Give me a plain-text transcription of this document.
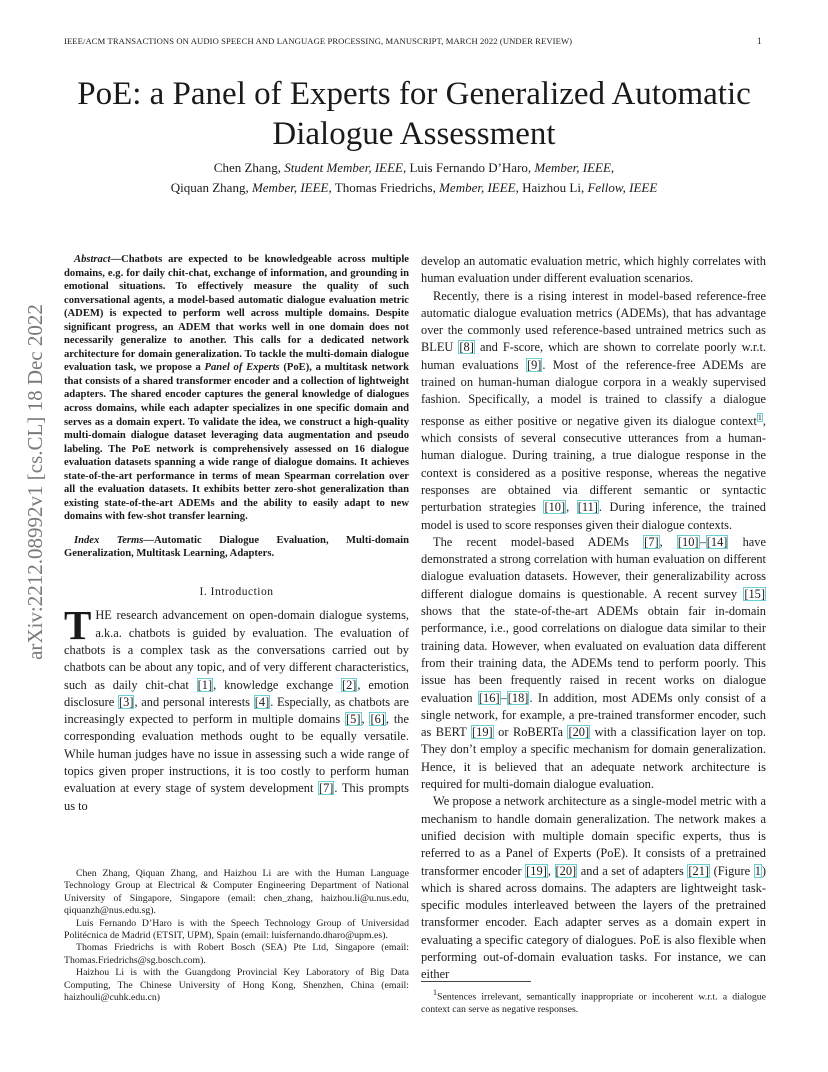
IEEE/ACM TRANSACTIONS ON AUDIO SPEECH AND LANGUAGE PROCESSING, MANUSCRIPT, MARCH 2022 (UNDER REVIEW)	1
arXiv:2212.08992v1 [cs.CL] 18 Dec 2022
PoE: a Panel of Experts for Generalized Automatic Dialogue Assessment
Chen Zhang, Student Member, IEEE, Luis Fernando D’Haro, Member, IEEE,
Qiquan Zhang, Member, IEEE, Thomas Friedrichs, Member, IEEE, Haizhou Li, Fellow, IEEE

Abstract—Chatbots are expected to be knowledgeable across multiple domains, e.g. for daily chit-chat, exchange of information, and grounding in emotional situations. To effectively measure the quality of such conversational agents, a model-based automatic dialogue evaluation metric (ADEM) is expected to perform well across multiple domains. Despite significant progress, an ADEM that works well in one domain does not necessarily generalize to another. This calls for a dedicated network architecture for domain generalization. To tackle the multi-domain dialogue evaluation task, we propose a Panel of Experts (PoE), a multitask network that consists of a shared transformer encoder and a collection of lightweight adapters. The shared encoder captures the general knowledge of dialogues across domains, while each adapter specializes in one specific domain and serves as a domain expert. To validate the idea, we construct a high-quality multi-domain dialogue dataset leveraging data augmentation and pseudo labeling. The PoE network is comprehensively assessed on 16 dialogue evaluation datasets spanning a wide range of dialogue domains. It achieves state-of-the-art performance in terms of mean Spearman correlation over all the evaluation datasets. It exhibits better zero-shot generalization than existing state-of-the-art ADEMs and the ability to easily adapt to new domains with few-shot transfer learning.

Index Terms—Automatic Dialogue Evaluation, Multi-domain Generalization, Multitask Learning, Adapters.

I. Introduction

THE research advancement on open-domain dialogue systems, a.k.a. chatbots is guided by evaluation. The evaluation of chatbots is a complex task as the conversations carried out by chatbots can be about any topic, and of very different characteristics, such as daily chit-chat [1], knowledge exchange [2], emotion disclosure [3], and personal interests [4]. Especially, as chatbots are increasingly expected to perform in multiple domains [5], [6], the corresponding evaluation methods ought to be equally versatile. While human judges have no issue in assessing such a wide range of topics given proper instructions, it is too costly to perform human evaluation at every stage of system development [7]. This prompts us to

Chen Zhang, Qiquan Zhang, and Haizhou Li are with the Human Language Technology Group at Electrical & Computer Engineering Department of National University of Singapore, Singapore (email: chen_zhang, haizhou.li@u.nus.edu, qiquanzh@nus.edu.sg).

Luis Fernando D’Haro is with the Speech Technology Group of Universidad Politécnica de Madrid (ETSIT, UPM), Spain (email: luisfernando.dharo@upm.es).

Thomas Friedrichs is with Robert Bosch (SEA) Pte Ltd, Singapore (email: Thomas.Friedrichs@sg.bosch.com).

Haizhou Li is with the Guangdong Provincial Key Laboratory of Big Data Computing, The Chinese University of Hong Kong, Shenzhen, China (email: haizhouli@cuhk.edu.cn)

develop an automatic evaluation metric, which highly correlates with human evaluation under different evaluation scenarios.

Recently, there is a rising interest in model-based reference-free automatic dialogue evaluation metrics (ADEMs), that has advantage over the commonly used reference-based untrained metrics such as BLEU [8] and F-score, which are shown to correlate poorly w.r.t. human evaluations [9]. Most of the reference-free ADEMs are trained on human-human dialogue corpora in a weakly supervised fashion. Specifically, a model is trained to classify a dialogue response as either positive or negative given its dialogue context$^1$, which consists of several consecutive utterances from a human-human dialogue. During training, a true dialogue response in the context is considered as a positive response, whereas the negative responses are obtained via different semantic or syntactic perturbation strategies [10], [11]. During inference, the trained model is used to score responses given their dialogue contexts.

The recent model-based ADEMs [7], [10]–[14] have demonstrated a strong correlation with human evaluation on different dialogue evaluation datasets. However, their generalizability across different dialogue domains is questionable. A recent survey [15] shows that the state-of-the-art ADEMs obtain fair in-domain performance, i.e., good correlations on dialogue data similar to their training data. However, when evaluated on evaluation data different from their training data, the ADEMs tend to perform poorly. This issue has been frequently raised in recent works on dialogue evaluation [16]–[18]. In addition, most ADEMs only consist of a single network, for example, a pre-trained transformer encoder, such as BERT [19] or RoBERTa [20] with a classification layer on top. They don’t employ a specific mechanism for domain generalization. Hence, it is believed that an adequate network architecture is required for multi-domain dialogue evaluation.

We propose a network architecture as a single-model metric with a mechanism to handle domain generalization. The network makes a unified decision with multiple domain specific experts, thus is referred to as a Panel of Experts (PoE). It consists of a pretrained transformer encoder [19], [20] and a set of adapters [21] (Figure 1) which is shared across domains. The adapters are lightweight task-specific modules interleaved between the layers of the pretrained transformer encoder. Each adapter serves as a domain expert in evaluating a specific category of dialogues. PoE is also flexible when performing out-of-domain evaluation tasks. For instance, we can either

$^1$Sentences irrelevant, semantically inappropriate or incoherent w.r.t. a dialogue context can serve as negative responses.
